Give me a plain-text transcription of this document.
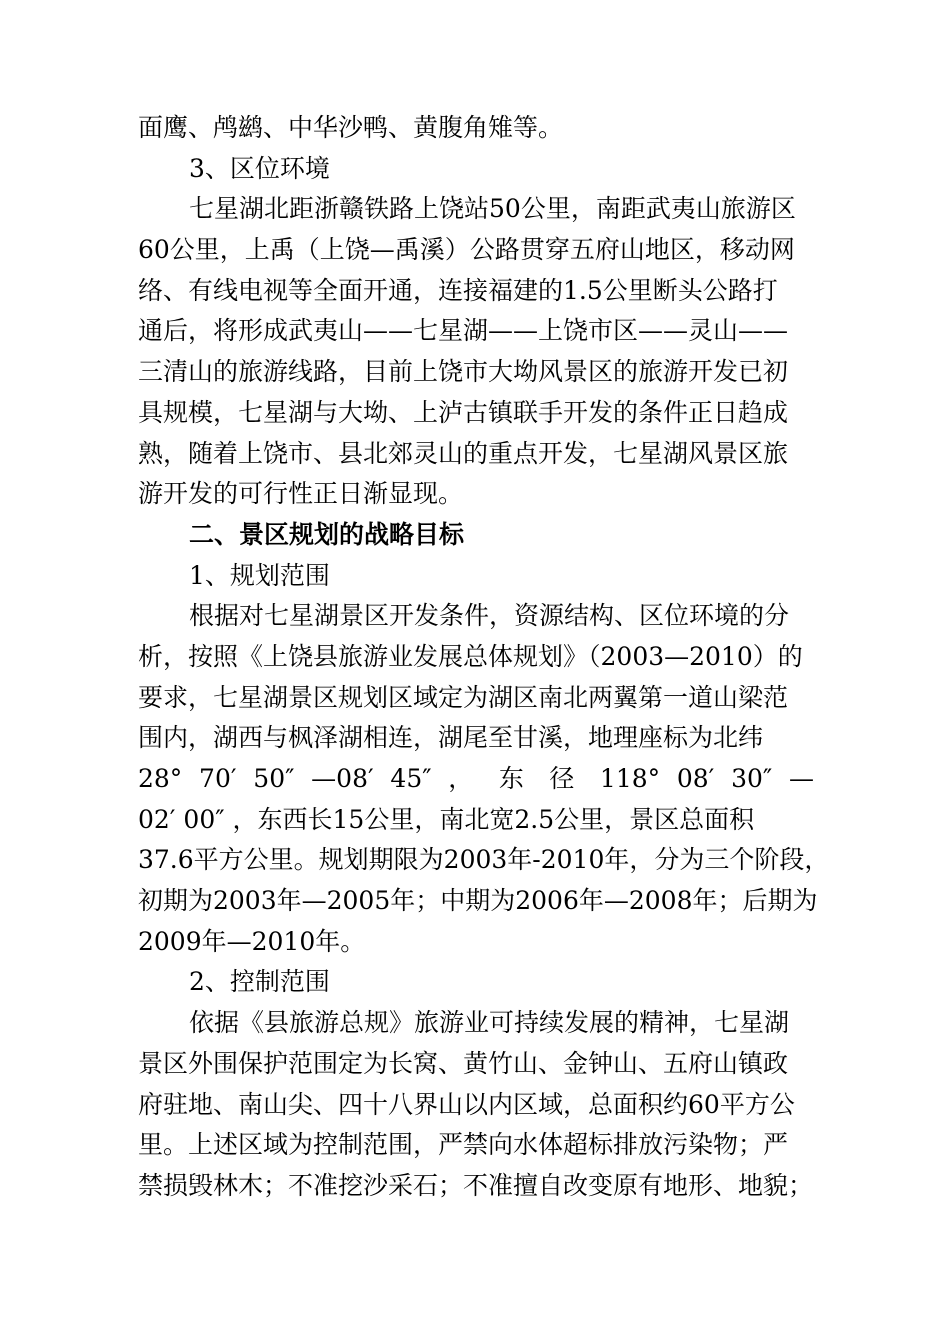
面鹰、鸬鹚、中华沙鸭、黄腹角雉等。
3、区位环境
七星湖北距浙赣铁路上饶站50公里，南距武夷山旅游区
60公里，上禹（上饶—禹溪）公路贯穿五府山地区，移动网
络、有线电视等全面开通，连接福建的1.5公里断头公路打
通后，将形成武夷山——七星湖——上饶市区——灵山——
三清山的旅游线路，目前上饶市大坳风景区的旅游开发已初
具规模，七星湖与大坳、上泸古镇联手开发的条件正日趋成
熟，随着上饶市、县北郊灵山的重点开发，七星湖风景区旅
游开发的可行性正日渐显现。
二、景区规划的战略目标
1、规划范围
根据对七星湖景区开发条件，资源结构、区位环境的分
析，按照《上饶县旅游业发展总体规划》（2003—2010）的
要求，七星湖景区规划区域定为湖区南北两翼第一道山梁范
围内，湖西与枫泽湖相连，湖尾至甘溪，地理座标为北纬
28° 70′ 50″ —08′ 45″ ， 东 径 118° 08′ 30″ —
02′ 00″ ，东西长15公里，南北宽2.5公里，景区总面积
37.6平方公里。规划期限为2003年-2010年，分为三个阶段，
初期为2003年—2005年；中期为2006年—2008年；后期为
2009年—2010年。
2、控制范围
依据《县旅游总规》旅游业可持续发展的精神，七星湖
景区外围保护范围定为长窝、黄竹山、金钟山、五府山镇政
府驻地、南山尖、四十八界山以内区域，总面积约60平方公
里。上述区域为控制范围，严禁向水体超标排放污染物；严
禁损毁林木；不准挖沙采石；不准擅自改变原有地形、地貌；
